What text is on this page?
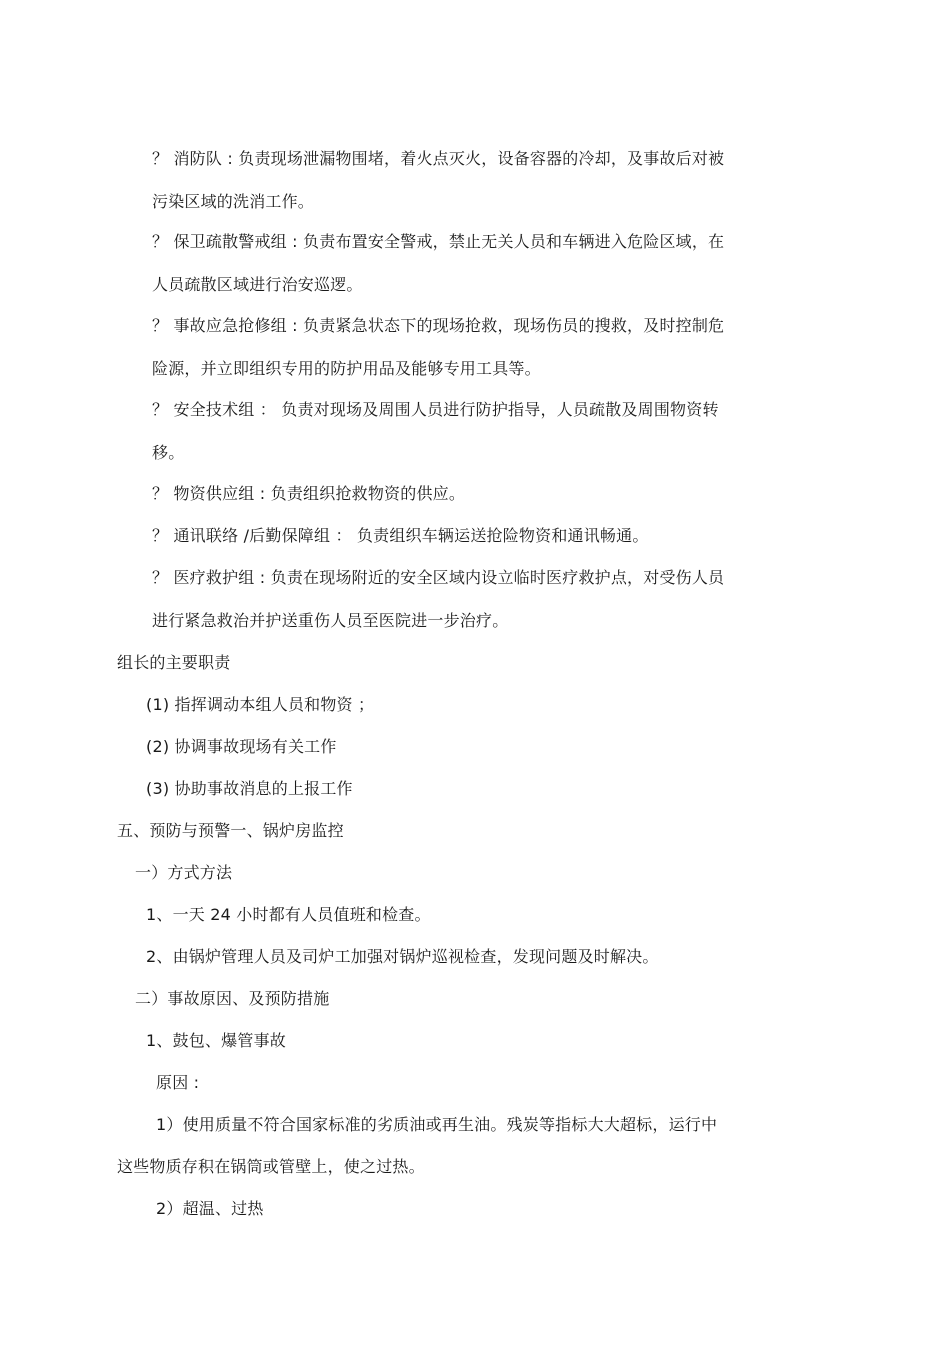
？ 消防队 : 负责现场泄漏物围堵，着火点灭火，设备容器的冷却，及事故后对被
污染区域的洗消工作。
？ 保卫疏散警戒组 : 负责布置安全警戒，禁止无关人员和车辆进入危险区域，在
人员疏散区域进行治安巡逻。
？ 事故应急抢修组 : 负责紧急状态下的现场抢救，现场伤员的搜救，及时控制危
险源，并立即组织专用的防护用品及能够专用工具等。
？ 安全技术组 ： 负责对现场及周围人员进行防护指导，人员疏散及周围物资转
移。
？ 物资供应组 : 负责组织抢救物资的供应。
？ 通讯联络 /后勤保障组 ： 负责组织车辆运送抢险物资和通讯畅通。
？ 医疗救护组 : 负责在现场附近的安全区域内设立临时医疗救护点，对受伤人员
进行紧急救治并护送重伤人员至医院进一步治疗。
组长的主要职责
(1) 指挥调动本组人员和物资 ；
(2) 协调事故现场有关工作
(3) 协助事故消息的上报工作
五、预防与预警一、锅炉房监控
一）方式方法
1、一天 24 小时都有人员值班和检查。
2、由锅炉管理人员及司炉工加强对锅炉巡视检查，发现问题及时解决。
二）事故原因、及预防措施
1、鼓包、爆管事故
原因 :
1）使用质量不符合国家标准的劣质油或再生油。残炭等指标大大超标，运行中
这些物质存积在锅筒或管壁上，使之过热。
2）超温、过热
